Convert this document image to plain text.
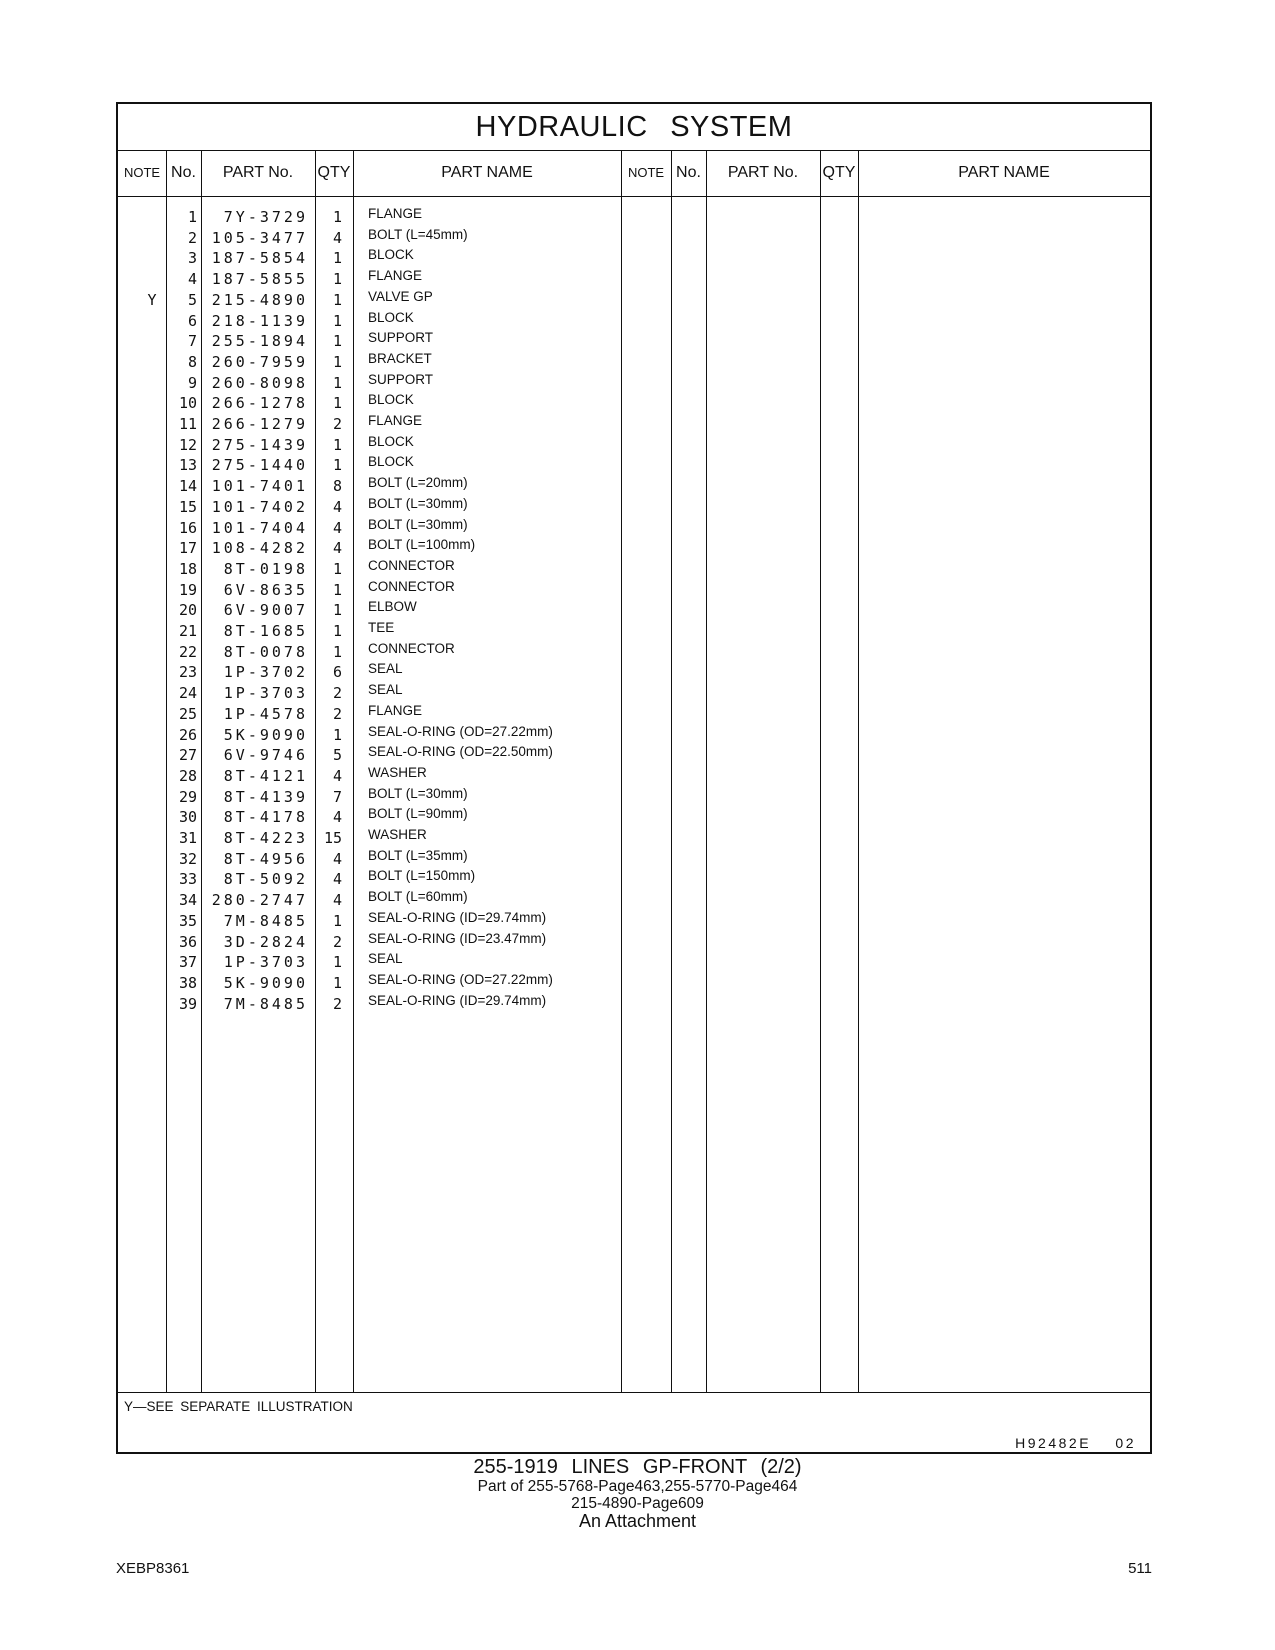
HYDRAULIC SYSTEM
NOTE No.	PART No.	QTY	PART NAME	NOTE No.	PART No.	QTY	PART NAME
1	7Y-3729	1 FLANGE
2 105-3477	4 BOLT (L=45mm)
3 187-5854	1 BLOCK
4 187-5855	1 FLANGE
Y	5 215-4890	1 VALVE GP
6 218-1139	1 BLOCK
7 255-1894	1 SUPPORT
8 260-7959	1 BRACKET
9 260-8098	1 SUPPORT
10 266-1278	1 BLOCK
11 266-1279	2 FLANGE
12 275-1439	1 BLOCK
13 275-1440	1 BLOCK
14 101-7401	8 BOLT (L=20mm)
15 101-7402	4 BOLT (L=30mm)
16 101-7404	4 BOLT (L=30mm)
17 108-4282	4 BOLT (L=100mm)
18	8T-0198	1 CONNECTOR
19	6V-8635	1 CONNECTOR
20	6V-9007	1 ELBOW
21	8T-1685	1 TEE
22	8T-0078	1 CONNECTOR
23	1P-3702	6 SEAL
24	1P-3703	2 SEAL
25	1P-4578	2 FLANGE
26	5K-9090	1 SEAL-O-RING (OD=27.22mm)
27	6V-9746	5 SEAL-O-RING (OD=22.50mm)
28	8T-4121	4 WASHER
29	8T-4139	7 BOLT (L=30mm)
30	8T-4178	4 BOLT (L=90mm)
31	8T-4223	15 WASHER
32	8T-4956	4 BOLT (L=35mm)
33	8T-5092	4 BOLT (L=150mm)
34 280-2747	4 BOLT (L=60mm)
35	7M-8485	1 SEAL-O-RING (ID=29.74mm)
36	3D-2824	2 SEAL-O-RING (ID=23.47mm)
37	1P-3703	1 SEAL
38	5K-9090	1 SEAL-O-RING (OD=27.22mm)
39	7M-8485	2 SEAL-O-RING (ID=29.74mm)
Y—SEE SEPARATE ILLUSTRATION
H92482E 02
255-1919 LINES GP-FRONT (2/2)
Part of 255-5768-Page463,255-5770-Page464
215-4890-Page609
An Attachment
XEBP8361	511
